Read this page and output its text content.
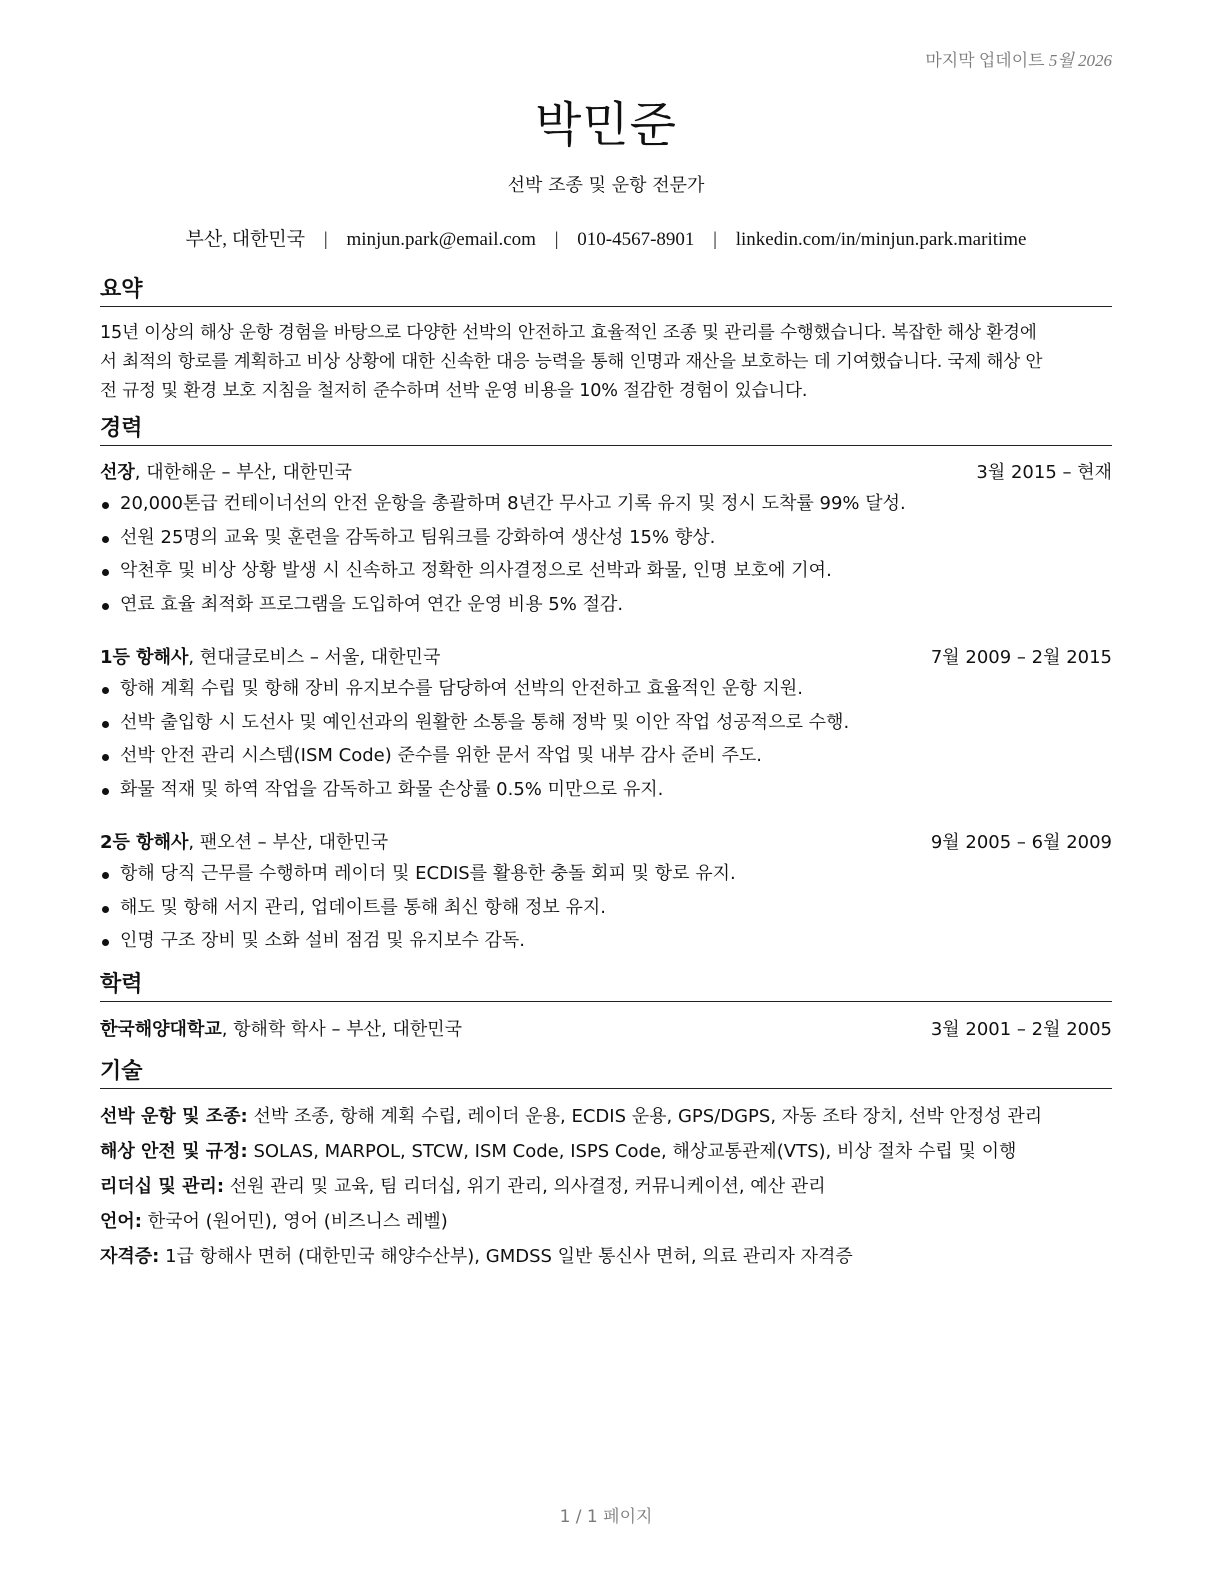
마지막 업데이트 5월 2026
박민준
선박 조종 및 운항 전문가
부산, 대한민국 | minjun.park@email.com | 010-4567-8901 | linkedin.com/in/minjun.park.maritime
요약
15년 이상의 해상 운항 경험을 바탕으로 다양한 선박의 안전하고 효율적인 조종 및 관리를 수행했습니다. 복잡한 해상 환경에
서 최적의 항로를 계획하고 비상 상황에 대한 신속한 대응 능력을 통해 인명과 재산을 보호하는 데 기여했습니다. 국제 해상 안
전 규정 및 환경 보호 지침을 철저히 준수하며 선박 운영 비용을 10% 절감한 경험이 있습니다.
경력
선장, 대한해운 – 부산, 대한민국	3월 2015 – 현재
20,000톤급 컨테이너선의 안전 운항을 총괄하며 8년간 무사고 기록 유지 및 정시 도착률 99% 달성.
선원 25명의 교육 및 훈련을 감독하고 팀워크를 강화하여 생산성 15% 향상.
악천후 및 비상 상황 발생 시 신속하고 정확한 의사결정으로 선박과 화물, 인명 보호에 기여.
연료 효율 최적화 프로그램을 도입하여 연간 운영 비용 5% 절감.
1등 항해사, 현대글로비스 – 서울, 대한민국	7월 2009 – 2월 2015
항해 계획 수립 및 항해 장비 유지보수를 담당하여 선박의 안전하고 효율적인 운항 지원.
선박 출입항 시 도선사 및 예인선과의 원활한 소통을 통해 정박 및 이안 작업 성공적으로 수행.
선박 안전 관리 시스템(ISM Code) 준수를 위한 문서 작업 및 내부 감사 준비 주도.
화물 적재 및 하역 작업을 감독하고 화물 손상률 0.5% 미만으로 유지.
2등 항해사, 팬오션 – 부산, 대한민국	9월 2005 – 6월 2009
항해 당직 근무를 수행하며 레이더 및 ECDIS를 활용한 충돌 회피 및 항로 유지.
해도 및 항해 서지 관리, 업데이트를 통해 최신 항해 정보 유지.
인명 구조 장비 및 소화 설비 점검 및 유지보수 감독.
학력
한국해양대학교, 항해학 학사 – 부산, 대한민국	3월 2001 – 2월 2005
기술
선박 운항 및 조종: 선박 조종, 항해 계획 수립, 레이더 운용, ECDIS 운용, GPS/DGPS, 자동 조타 장치, 선박 안정성 관리
해상 안전 및 규정: SOLAS, MARPOL, STCW, ISM Code, ISPS Code, 해상교통관제(VTS), 비상 절차 수립 및 이행
리더십 및 관리: 선원 관리 및 교육, 팀 리더십, 위기 관리, 의사결정, 커뮤니케이션, 예산 관리
언어: 한국어 (원어민), 영어 (비즈니스 레벨)
자격증: 1급 항해사 면허 (대한민국 해양수산부), GMDSS 일반 통신사 면허, 의료 관리자 자격증
1 / 1 페이지
